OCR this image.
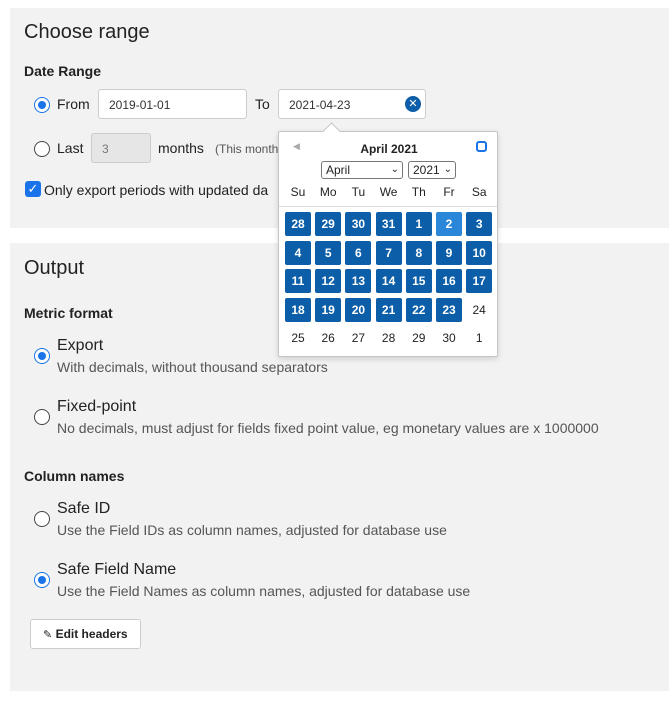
Choose range
Date Range
From	2019-01-01	To	2021-04-23	✕
Last	3	months (This month
✓ Only export periods with updated da
Output
Metric format
Export
With decimals, without thousand separators
Fixed-point
No decimals, must adjust for fields fixed point value, eg monetary values are x 1000000
Column names
Safe ID
Use the Field IDs as column names, adjusted for database use
Safe Field Name
Use the Field Names as column names, adjusted for database use
✎ Edit headers
◀	April 2021
April	⌄	2021 ⌄
Su	Mo	Tu	We	Th	Fr	Sa
28	29	30	31	1	2	3
4	5	6	7	8	9	10
11	12	13	14	15	16	17
18	19	20	21	22	23	24
25	26	27	28	29	30	1
